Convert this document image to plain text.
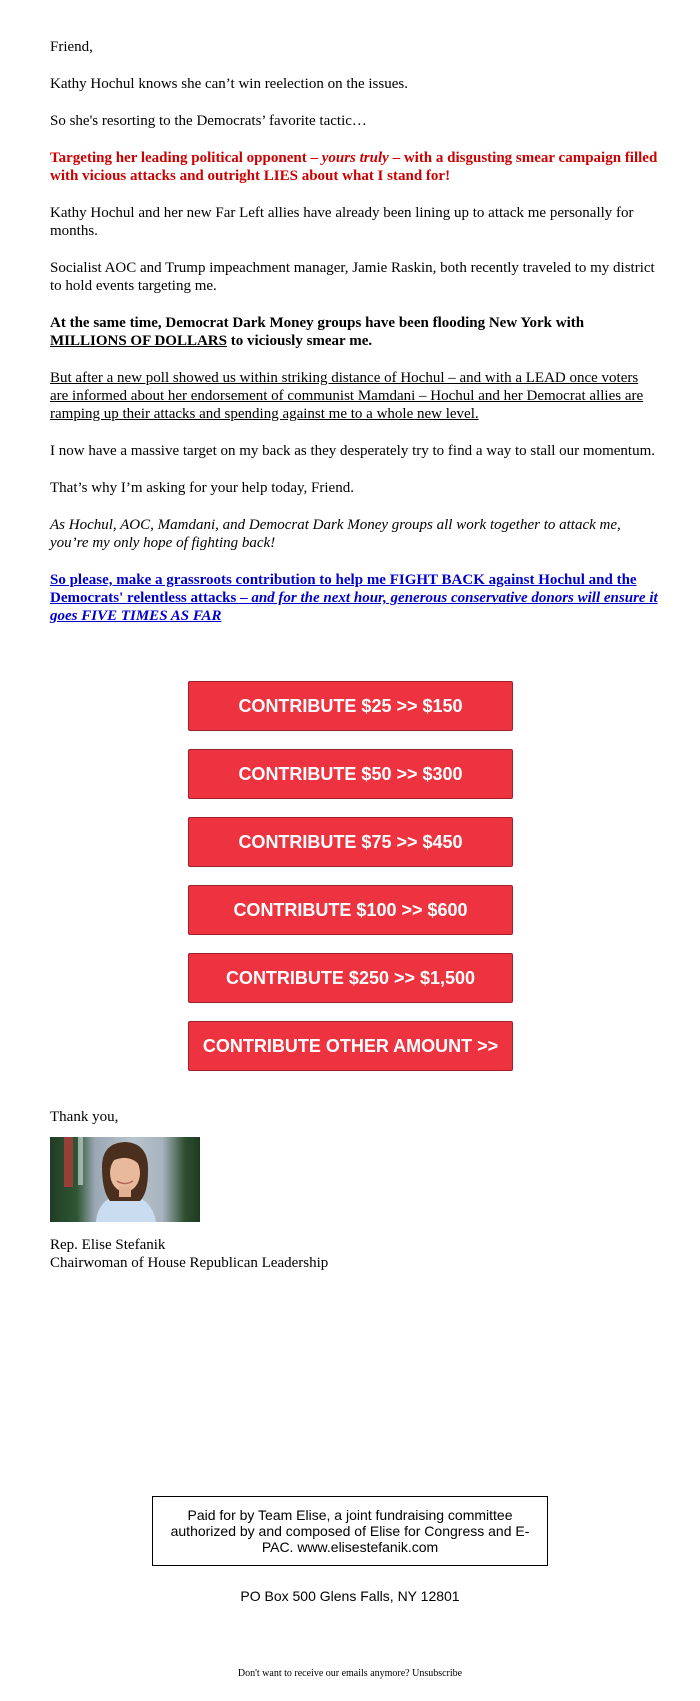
Friend,

Kathy Hochul knows she can’t win reelection on the issues.

So she's resorting to the Democrats’ favorite tactic…

Targeting her leading political opponent – yours truly – with a disgusting smear campaign filled with vicious attacks and outright LIES about what I stand for!

Kathy Hochul and her new Far Left allies have already been lining up to attack me personally for months.

Socialist AOC and Trump impeachment manager, Jamie Raskin, both recently traveled to my district to hold events targeting me.

At the same time, Democrat Dark Money groups have been flooding New York with MILLIONS OF DOLLARS to viciously smear me.

But after a new poll showed us within striking distance of Hochul – and with a LEAD once voters are informed about her endorsement of communist Mamdani – Hochul and her Democrat allies are ramping up their attacks and spending against me to a whole new level.

I now have a massive target on my back as they desperately try to find a way to stall our momentum.

That’s why I’m asking for your help today, Friend.

As Hochul, AOC, Mamdani, and Democrat Dark Money groups all work together to attack me, you’re my only hope of fighting back!

So please, make a grassroots contribution to help me FIGHT BACK against Hochul and the Democrats' relentless attacks – and for the next hour, generous conservative donors will ensure it goes FIVE TIMES AS FAR

CONTRIBUTE $25 >> $150
CONTRIBUTE $50 >> $300
CONTRIBUTE $75 >> $450
CONTRIBUTE $100 >> $600
CONTRIBUTE $250 >> $1,500
CONTRIBUTE OTHER AMOUNT >>
Thank you,
Rep. Elise Stefanik
Chairwoman of House Republican Leadership
Paid for by Team Elise, a joint fundraising committee authorized by and composed of Elise for Congress and E-PAC. www.elisestefanik.com
PO Box 500 Glens Falls, NY 12801
Don't want to receive our emails anymore? Unsubscribe
